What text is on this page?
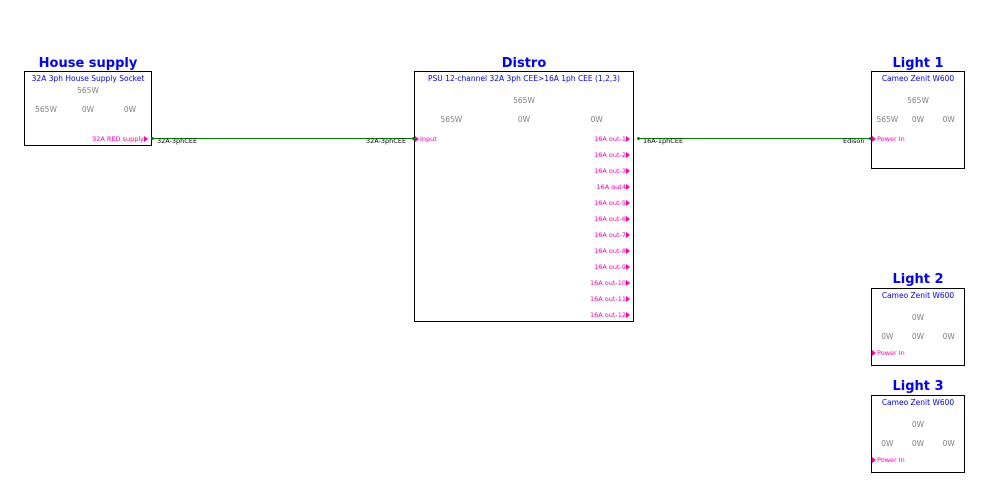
House supply
32A 3ph House Supply Socket
565W
565W	0W	0W
32A RED supply
Distro
PSU 12-channel 32A 3ph CEE>16A 1ph CEE (1,2,3)
565W
565W	0W	0W
Input	16A out-1
16A out-2
16A out-3
16A out4
16A out-5
16A out-6
16A out-7
16A out-8
16A out-9
16A out-10
16A out-11
16A out-12
Light 1
Cameo Zenit W600
565W
565W	0W	0W
Power In
Light 2
Cameo Zenit W600
0W
0W	0W	0W
Power In
Light 3
Cameo Zenit W600
0W
0W	0W	0W
Power In
32A-3phCEE	32A-3phCEE	16A-1phCEE	Edison
